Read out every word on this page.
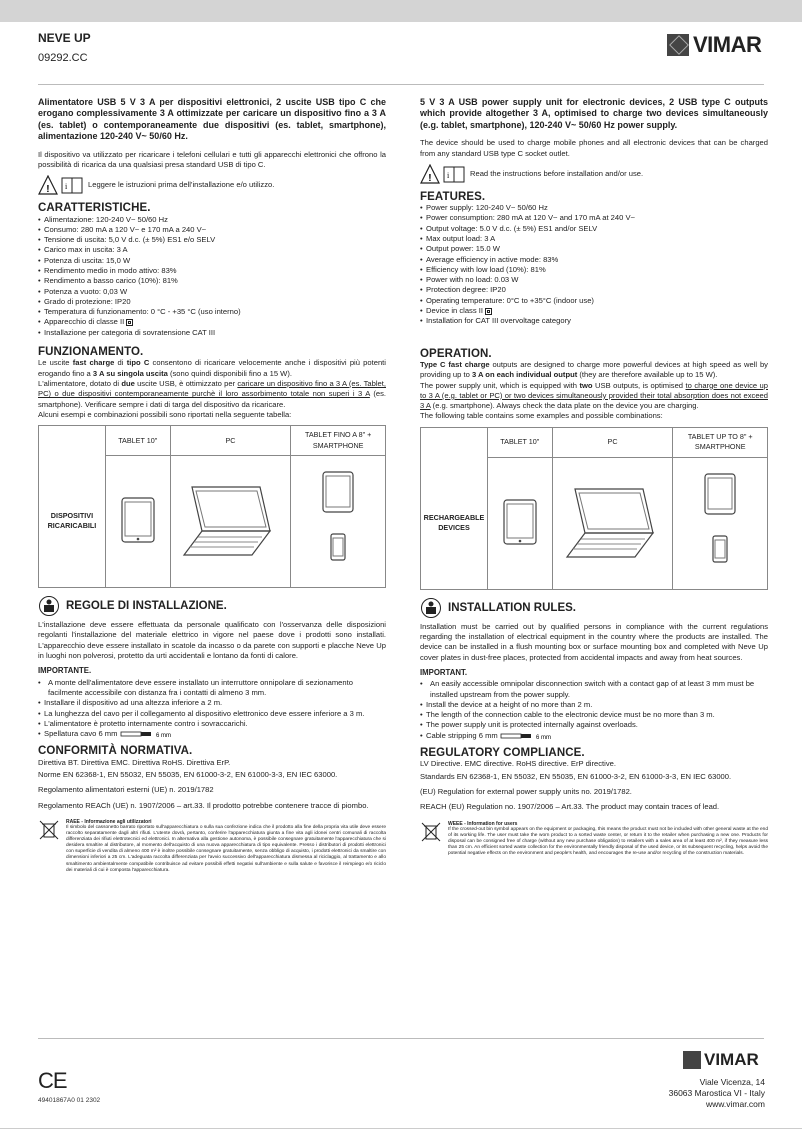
NEVE UP
09292.CC
VIMAR

Alimentatore USB 5 V 3 A per dispositivi elettronici, 2 uscite USB tipo C che erogano complessivamente 3 A ottimizzate per caricare un dispositivo fino a 3 A (es. tablet) o contemporaneamente due dispositivi (es. tablet, smartphone), alimentazione 120-240 V~ 50/60 Hz.

Il dispositivo va utilizzato per ricaricare i telefoni cellulari e tutti gli apparecchi elettronici che offrono la possibilità di ricarica da una qualsiasi presa standard USB di tipo C.

! i	Leggere le istruzioni prima dell'installazione e/o utilizzo.
CARATTERISTICHE.
• Alimentazione: 120-240 V~ 50/60 Hz
• Consumo: 280 mA a 120 V~ e 170 mA a 240 V~
• Tensione di uscita: 5,0 V d.c. (± 5%) ES1 e/o SELV
• Carico max in uscita: 3 A
• Potenza di uscita: 15,0 W
• Rendimento medio in modo attivo: 83%
• Rendimento a basso carico (10%): 81%
• Potenza a vuoto: 0,03 W
• Grado di protezione: IP20
• Temperatura di funzionamento: 0 °C - +35 °C (uso interno)
• Apparecchio di classe II
• Installazione per categoria di sovratensione CAT III
FUNZIONAMENTO.

Le uscite fast charge di tipo C consentono di ricaricare velocemente anche i dispositivi più potenti erogando fino a 3 A su singola uscita (sono quindi disponibili fino a 15 W).

L'alimentatore, dotato di due uscite USB, è ottimizzato per caricare un dispositivo fino a 3 A (es. Tablet, PC) o due dispositivi contemporaneamente purchè il loro assorbimento totale non superi i 3 A (es. smartphone). Verificare sempre i dati di targa del dispositivo da ricaricare.

Alcuni esempi e combinazioni possibili sono riportati nella seguente tabella:

	TABLET 10"	PC	TABLET FINO A 8" + SMARTPHONE
DISPOSITIVI RICARICABILI			
REGOLE DI INSTALLAZIONE.

L'installazione deve essere effettuata da personale qualificato con l'osservanza delle disposizioni regolanti l'installazione del materiale elettrico in vigore nel paese dove i prodotti sono installati. L'apparecchio deve essere installato in scatole da incasso o da parete con supporti e placche Neve Up in luoghi non polverosi, protetto da urti accidentali e lontano da fonti di calore.

IMPORTANTE.
• A monte dell'alimentatore deve essere installato un interruttore onnipolare di sezionamento facilmente accessibile con distanza fra i contatti di almeno 3 mm.
• Installare il dispositivo ad una altezza inferiore a 2 m.
• La lunghezza del cavo per il collegamento al dispositivo elettronico deve essere inferiore a 3 m.
• L'alimentatore è protetto internamente contro i sovraccarichi.
• Spellatura cavo 6 mm	6 mm
CONFORMITÀ NORMATIVA.

Direttiva BT. Direttiva EMC. Direttiva RoHS. Direttiva ErP.

Norme EN 62368-1, EN 55032, EN 55035, EN 61000-3-2, EN 61000-3-3, EN IEC 63000.

Regolamento alimentatori esterni (UE) n. 2019/1782

Regolamento REACh (UE) n. 1907/2006 – art.33. Il prodotto potrebbe contenere tracce di piombo.

RAEE - Informazione agli utilizzatori
Il simbolo del cassonetto barrato riportato sull'apparecchiatura o sulla sua confezione indica che il prodotto alla fine della propria vita utile deve essere raccolto separatamente dagli altri rifiuti. L'utente dovrà, pertanto, conferire l'apparecchiatura giunta a fine vita agli idonei centri comunali di raccolta differenziata dei rifiuti elettrotecnici ed elettronici. In alternativa alla gestione autonoma, è possibile consegnare gratuitamente l'apparecchiatura che si desidera smaltire al distributore, al momento dell'acquisto di una nuova apparecchiatura di tipo equivalente. Presso i distributori di prodotti elettronici con superficie di vendita di almeno 400 m² è inoltre possibile consegnare gratuitamente, senza obbligo di acquisto, i prodotti elettronici da smaltire con dimensioni inferiori a 25 cm. L'adeguata raccolta differenziata per l'avvio successivo dell'apparecchiatura dismessa al riciclaggio, al trattamento e allo smaltimento ambientalmente compatibile contribuisce ad evitare possibili effetti negativi sull'ambiente e sulla salute e favorisce il reimpiego e/o riciclo dei materiali di cui è composta l'apparecchiatura.

5 V 3 A USB power supply unit for electronic devices, 2 USB type C outputs which provide altogether 3 A, optimised to charge two devices simultaneously (e.g. tablet, smartphone), 120-240 V~ 50/60 Hz power supply.

The device should be used to charge mobile phones and all electronic devices that can be charged from any standard USB type C socket outlet.

! i	Read the instructions before installation and/or use.
FEATURES.
• Power supply: 120-240 V~ 50/60 Hz
• Power consumption: 280 mA at 120 V~ and 170 mA at 240 V~
• Output voltage: 5.0 V d.c. (± 5%) ES1 and/or SELV
• Max output load: 3 A
• Output power: 15.0 W
• Average efficiency in active mode: 83%
• Efficiency with low load (10%): 81%
• Power with no load: 0.03 W
• Protection degree: IP20
• Operating temperature: 0°C to +35°C (indoor use)
• Device in class II
• Installation for CAT III overvoltage category
OPERATION.

Type C fast charge outputs are designed to charge more powerful devices at high speed as well by providing up to 3 A on each individual output (they are therefore available up to 15 W).

The power supply unit, which is equipped with two USB outputs, is optimised to charge one device up to 3 A (e.g. tablet or PC) or two devices simultaneously provided their total absorption does not exceed 3 A (e.g. smartphone). Always check the data plate on the device you are charging.

The following table contains some examples and possible combinations:

	TABLET 10"	PC	TABLET UP TO 8" + SMARTPHONE
RECHARGEABLE DEVICES			
INSTALLATION RULES.

Installation must be carried out by qualified persons in compliance with the current regulations regarding the installation of electrical equipment in the country where the products are installed. The device can be installed in a flush mounting box or surface mounting box and completed with Neve Up cover plates in dust-free places, protected from accidental impacts and away from heat sources.

IMPORTANT.
• An easily accessible omnipolar disconnection switch with a contact gap of at least 3 mm must be installed upstream from the power supply.
• Install the device at a height of no more than 2 m.
• The length of the connection cable to the electronic device must be no more than 3 m.
• The power supply unit is protected internally against overloads.
• Cable stripping 6 mm	6 mm
REGULATORY COMPLIANCE.

LV Directive. EMC directive. RoHS directive. ErP directive.

Standards EN 62368-1, EN 55032, EN 55035, EN 61000-3-2, EN 61000-3-3, EN IEC 63000.

(EU) Regulation for external power supply units no. 2019/1782.

REACH (EU) Regulation no. 1907/2006 – Art.33. The product may contain traces of lead.

WEEE - Information for users
If the crossed-out bin symbol appears on the equipment or packaging, this means the product must not be included with other general waste at the end of its working life. The user must take the worn product to a sorted waste center, or return it to the retailer when purchasing a new one. Products for disposal can be consigned free of charge (without any new purchase obligation) to retailers with a sales area of at least 400 m², if they measure less than 25 cm. An efficient sorted waste collection for the environmentally friendly disposal of the used device, or its subsequent recycling, helps avoid the potential negative effects on the environment and people's health, and encourages the re-use and/or recycling of the construction materials.
CE
49401867A0 01 2302
VIMAR
Viale Vicenza, 14
36063 Marostica VI - Italy
www.vimar.com
